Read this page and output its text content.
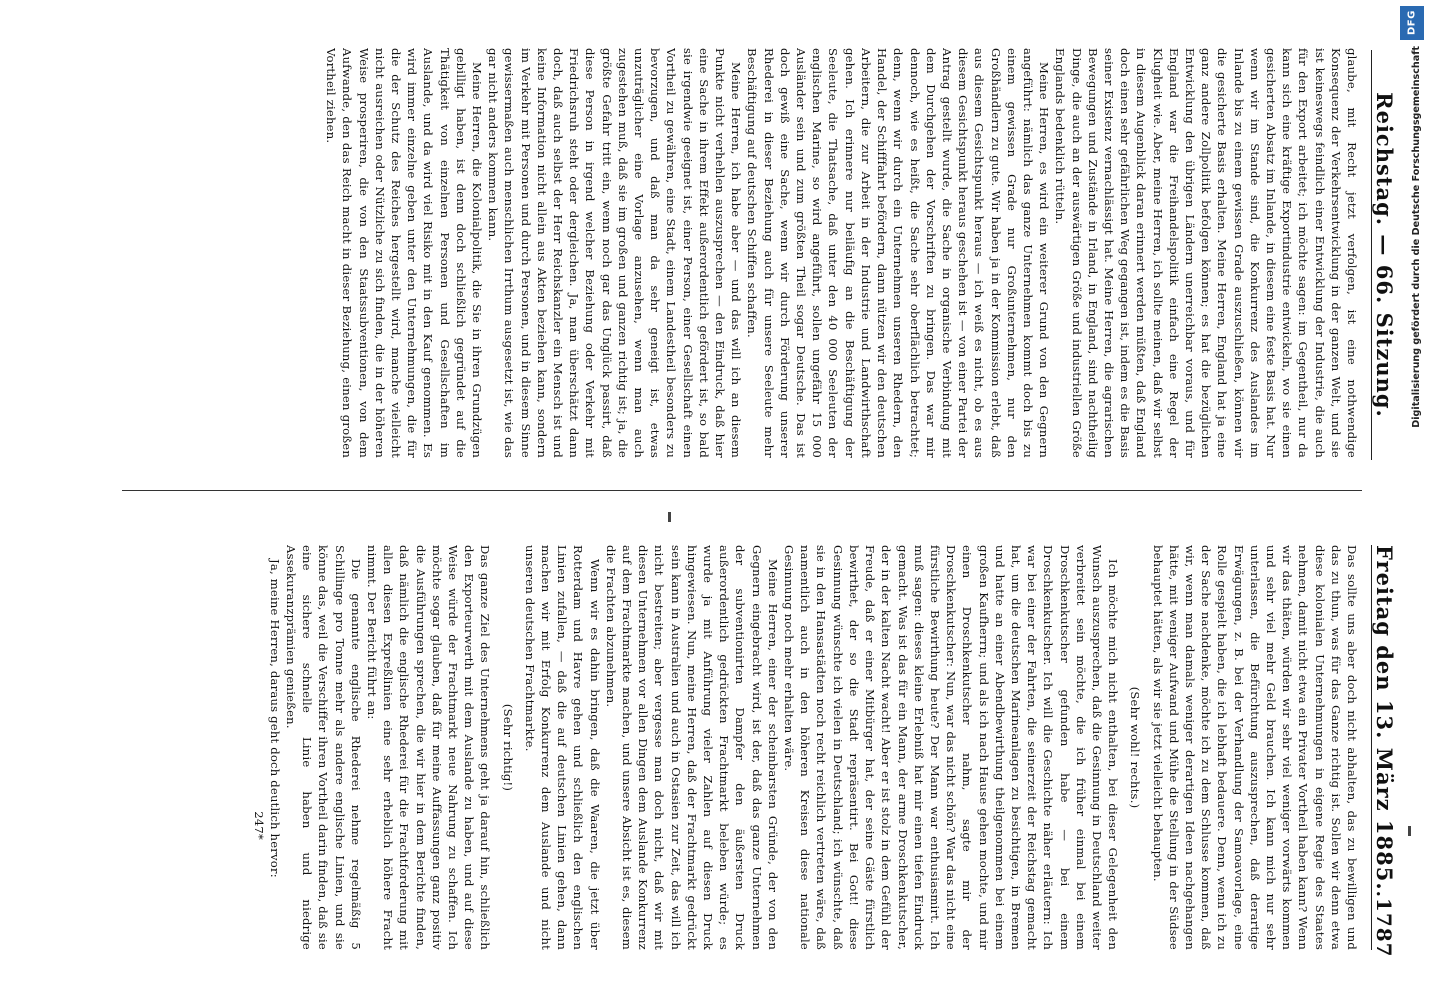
Reichstag. — 66. Sitzung.
Freitag den 13. März 1885.
.
1787

glaube, mit Recht jetzt verfolgen, ist eine nothwendige Konsequenz der Verkehrsentwicklung in der ganzen Welt, und sie ist keineswegs feindlich einer Entwicklung der Industrie, die auch für den Export arbeitet; ich möchte sagen: im Gegentheil, nur da kann sich eine kräftige Exportindustrie entwickeln, wo sie einen gesicherten Absatz im Inlande, in diesem eine feste Basis hat. Nur wenn wir im Stande sind, die Konkurrenz des Auslandes im Inlande bis zu einem gewissen Grade auszuschließen, können wir die gesicherte Basis erhalten. Meine Herren, England hat ja eine ganz andere Zollpolitik befolgen können; es hat die bezüglichen Entwicklung den übrigen Ländern unerreichbar voraus, und für England war die Freihandelspolitik einfach eine Regel der Klugheit wie. Aber, meine Herren, ich sollte meinen, daß wir selbst in diesem Augenblick daran erinnert werden müßten, daß England doch einen sehr gefährlichen Weg gegangen ist, indem es die Basis seiner Existenz vernachlässigt hat. Meine Herren, die agrarischen Bewegungen und Zustände in Irland, in England, sind nachtheilig Dinge, die auch an der auswärtigen Größe und industriellen Größe Englands bedenklich rütteln.

Meine Herren, es wird ein weiterer Grund von den Gegnern angeführt: nämlich das ganze Unternehmen kommt doch bis zu einem gewissen Grade nur Großunternehmen, nur den Großhändlern zu gute. Wir haben ja in der Kommission erlebt, daß aus diesem Gesichtspunkt heraus — ich weiß es nicht, ob es aus diesem Gesichtspunkt heraus geschehen ist — von einer Partei der Antrag gestellt wurde, die Sache in organische Verbindung mit dem Durchgehen der Vorschriften zu bringen. Das war mir dennoch, wie es heißt, die Sache sehr oberflächlich betrachtet; denn, wenn wir durch ein Unternehmen unseren Rhedern, den Handel, der Schifffahrt befördern, dann nützen wir den deutschen Arbeitern, die zur Arbeit in der Industrie und Landwirthschaft gehen. Ich erinnere nur beiläufig an die Beschäftigung der Seeleute, die Thatsache, daß unter den 40 000 Seeleuten der englischen Marine, so wird angeführt, sollen ungefähr 15 000 Ausländer sein und zum größten Theil sogar Deutsche. Das ist doch gewiß eine Sache, wenn wir durch Förderung unserer Rhederei in dieser Beziehung auch für unsere Seeleute mehr Beschäftigung auf deutschen Schiffen schaffen.

Meine Herren, ich habe aber — und das will ich an diesem Punkte nicht verhehlen auszusprechen — den Eindruck, daß hier eine Sache in ihrem Effekt außerordentlich gefördert ist, so bald sie irgendwie geeignet ist, einer Person, einer Gesellschaft einen Vortheil zu gewähren, eine Stadt, einem Landestheil besonders zu bevorzugen, und daß man da sehr geneigt ist, etwas unzuträglicher eine Vorlage anzusehen, wenn man auch zugestehen muß, daß sie im großen und ganzen richtig ist; ja, die größte Gefahr tritt ein, wenn noch gar das Unglück passirt, daß diese Person in irgend welcher Beziehung oder Verkehr mit Friedrichsruh steht oder dergleichen. Ja, man überschätzt dann doch, daß auch selbst der Herr Reichskanzler ein Mensch ist und keine Information nicht allein aus Akten beziehen kann, sondern im Verkehr mit Personen und durch Personen, und in diesem Sinne gewissermaßen auch menschlichen Irrthum ausgesetzt ist, wie das gar nicht anders kommen kann.

Meine Herren, die Kolonialpolitik, die Sie in ihren Grundzügen gebilligt haben, ist denn doch schließlich gegründet auf die Thätigkeit von einzelnen Personen und Gesellschaften im Auslande, und da wird viel Risiko mit in den Kauf genommen. Es wird immer einzelne geben unter den Unternehmungen, die für die der Schutz des Reiches hergestellt wird, manche vielleicht nicht ausreichen oder Nützliche zu sich finden, die in der höheren Weise prosperiren, die von den Staatssubventionen, von dem Aufwande, den das Reich macht in dieser Beziehung, einen großen Vortheil ziehen.

Das sollte uns aber doch nicht abhalten, das zu bewilligen und das zu thun, was für das Ganze richtig ist. Sollen wir denn etwa diese kolonialen Unternehmungen in eigene Regie des Staates nehmen, damit nicht etwa ein Privater Vortheil haben kann? Wenn wir das thäten, würden wir sehr viel weniger vorwärts kommen und sehr viel mehr Geld brauchen. Ich kann mich nur sehr unterlassen, die Befürchtung auszusprechen, daß derartige Erwägungen, z. B. bei der Verhandlung der Samoavorlage, eine Rolle gespielt haben, die ich lebhaft bedauere. Denn, wenn ich zu der Sache nachdenke, möchte ich zu dem Schlusse kommen, daß wir, wenn man damals weniger derartigen Ideen nachgehangen hätte, mit weniger Aufwand und Mühe die Stellung in der Südsee behauptet hätten, als wir sie jetzt vielleicht behaupten.

(Sehr wohl! rechts.)

Ich möchte mich nicht enthalten, bei dieser Gelegenheit den Wunsch auszusprechen, daß die Gesinnung in Deutschland weiter verbreitet sein möchte, die ich früher einmal bei einem Droschkenkutscher gefunden habe — bei einem Droschkenkutscher. Ich will die Geschichte näher erläutern: Ich war bei einer der Fahrten, die seinerzeit der Reichstag gemacht hat, um die deutschen Marineanlagen zu besichtigen, in Bremen und hatte an einer Abendbewirthung theilgenommen bei einem großen Kaufherrn; und als ich nach Hause gehen mochte, und mir einen Droschkenkutscher nahm, sagte mir der Droschkenkutscher: Nun, war das nicht schön? War das nicht eine fürstliche Bewirthung heute? Der Mann war enthusiasmirt. Ich muß sagen: dieses kleine Erlebniß hat mir einen tiefen Eindruck gemacht. Was ist das für ein Mann, der arme Droschkenkutscher, der in der kalten Nacht wacht! Aber er ist stolz in dem Gefühl der Freude, daß er einer Mitbürger hat, der seine Gäste fürstlich bewirthet, der so die Stadt repräsentirt. Bei Gott! diese Gesinnung wünschte ich vielen in Deutschland; ich wünschte, daß sie in den Hansastädten noch recht reichlich vertreten wäre, daß namentlich auch in den höheren Kreisen diese nationale Gesinnung noch mehr erhalten wäre.

Meine Herren, einer der scheinbarsten Gründe, der von den Gegnern eingebracht wird, ist der, daß das ganze Unternehmen der subventionirten Dampfer den äußersten Druck außerordentlich gedrückten Frachtmarkt beleben würde; es wurde ja mit Anführung vieler Zahlen auf diesen Druck hingewiesen. Nun, meine Herren, daß der Frachtmarkt gedrückt sein kann in Australien und auch in Ostasien zur Zeit, das will ich nicht bestreiten; aber vergesse man doch nicht, daß wir mit diesen Unternehmen vor allen Dingen dem Auslande Konkurrenz auf dem Frachtmarkte machen, und unsere Absicht ist es, diesem die Frachten abzunehmen.

Wenn wir es dahin bringen, daß die Waaren, die jetzt über Rotterdam und Havre gehen und schließlich den englischen Linien zufallen, — daß die auf deutschen Linien gehen, dann machen wir mit Erfolg Konkurrenz dem Auslande und nicht unseren deutschen Frachtmarkte.

(Sehr richtig!)

Das ganze Ziel des Unternehmens geht ja darauf hin, schließlich den Exporteurwerth mit dem Auslande zu haben, und auf diese Weise würde der Frachtmarkt neue Nahrung zu schaffen. Ich möchte sogar glauben, daß für meine Auffassungen ganz positiv die Ausführungen sprechen, die wir hier in dem Berichte finden, daß nämlich die englische Rhederei für die Frachtforderung mit allen diesen Expreßlinien eine sehr erheblich höhere Fracht nimmt. Der Bericht führt an:

Die genannte englische Rhederei nehme regelmäßig 5 Schillinge pro Tonne mehr als andere englische Linien, und sie könne das, weil die Verschiffer ihren Vortheil darin finden, daß sie eine sichere schnelle Linie haben und niedrige Assekuranzprämien genießen.

Ja, meine Herren, daraus geht doch deutlich hervor:

247*

DFG
Digitalisierung gefördert durch die Deutsche Forschungsgemeinschaft
